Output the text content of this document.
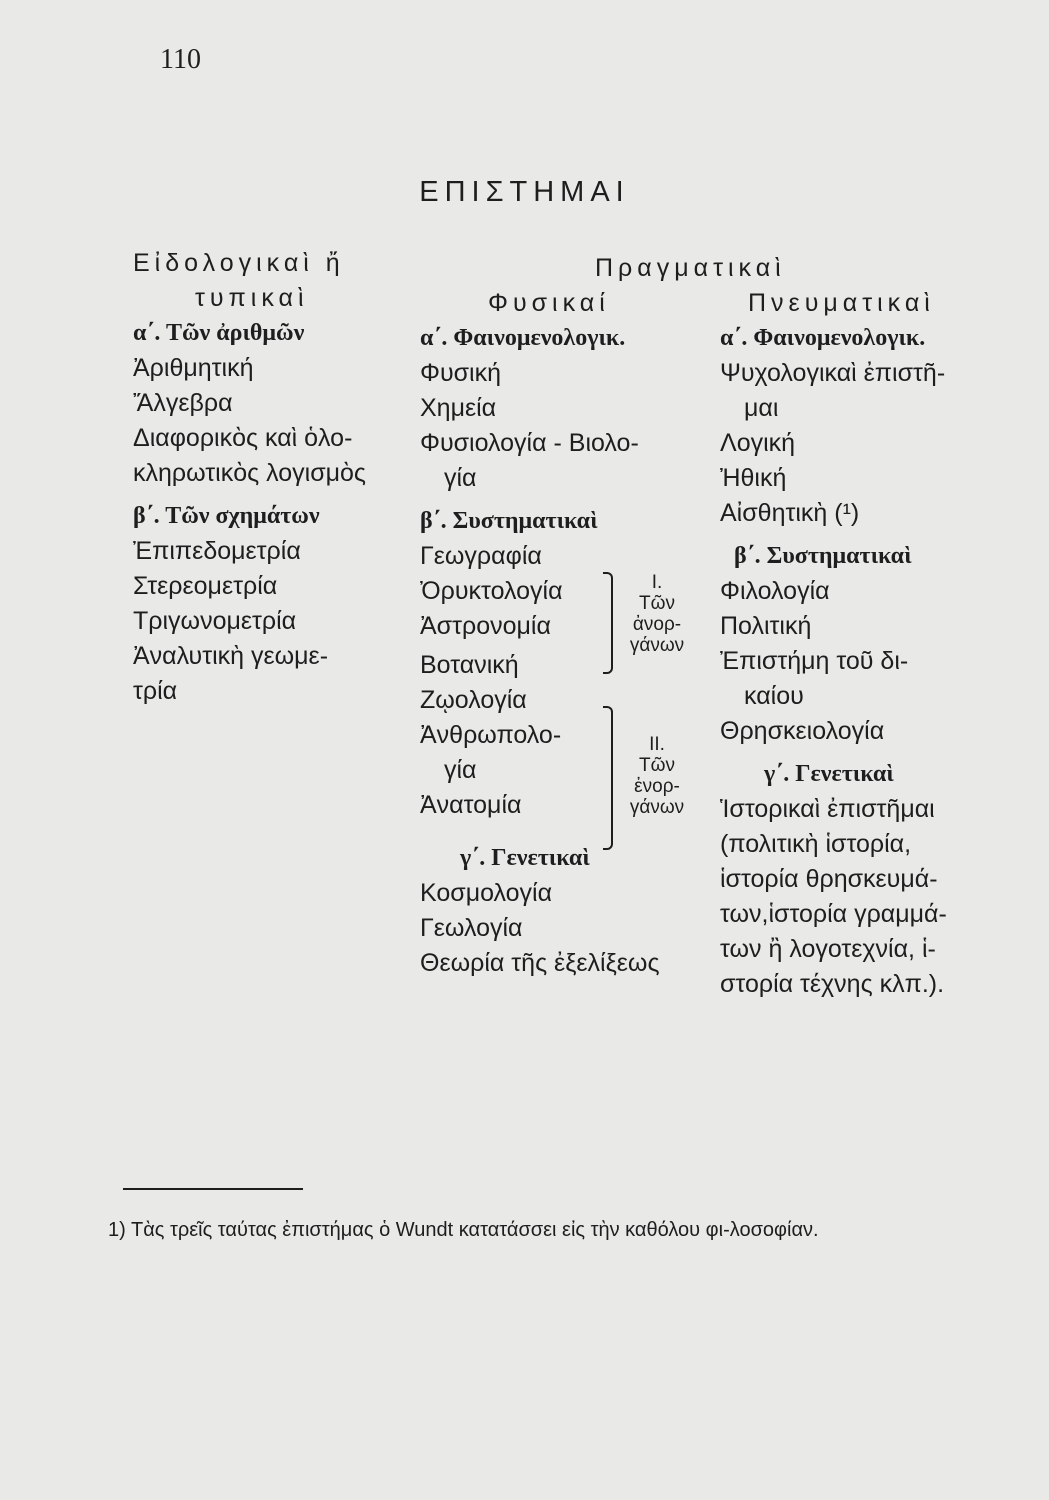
110
ΕΠΙΣΤΗΜΑΙ
Εἰδολογικαὶ ἤ
τυπικαὶ
α΄. Τῶν ἀριθμῶν
Ἀριθμητική
Ἄλγεβρα
Διαφορικὸς καὶ ὁλο-
κληρωτικὸς λογισμὸς
β΄. Τῶν σχημάτων
Ἐπιπεδομετρία
Στερεομετρία
Τριγωνομετρία
Ἀναλυτικὴ γεωμε-
τρία
Πραγματικαὶ
Φυσικαί
α΄. Φαινομενολογικ.
Φυσική
Χημεία
Φυσιολογία - Βιολο-
γία
β΄. Συστηματικαὶ
Γεωγραφία
Ὀρυκτολογία
Ἀστρονομία
Βοτανική
Ζῳολογία
Ἀνθρωπολο-
γία
Ἀνατομία
γ΄. Γενετικαὶ
Κοσμολογία
Γεωλογία
Θεωρία τῆς ἐξελίξεως
I.
Τῶν
ἀνορ-
γάνων
II.
Τῶν
ἐνορ-
γάνων
Πνευματικαὶ
α΄. Φαινομενολογικ.
Ψυχολογικαὶ ἐπιστῆ-
μαι
Λογική
Ἠθική
Αἰσθητικὴ (¹)
β΄. Συστηματικαὶ
Φιλολογία
Πολιτική
Ἐπιστήμη τοῦ δι-
καίου
Θρησκειολογία
γ΄. Γενετικαὶ
Ἱστορικαὶ ἐπιστῆμαι
(πολιτικὴ ἱστορία,
ἱστορία θρησκευμά-
των,ἱστορία γραμμά-
των ἢ λογοτεχνία, ἱ-
στορία τέχνης κλπ.).
1) Τὰς τρεῖς ταύτας ἐπιστήμας ὁ Wundt κατατάσσει εἰς τὴν καθόλου φι-λοσοφίαν.
